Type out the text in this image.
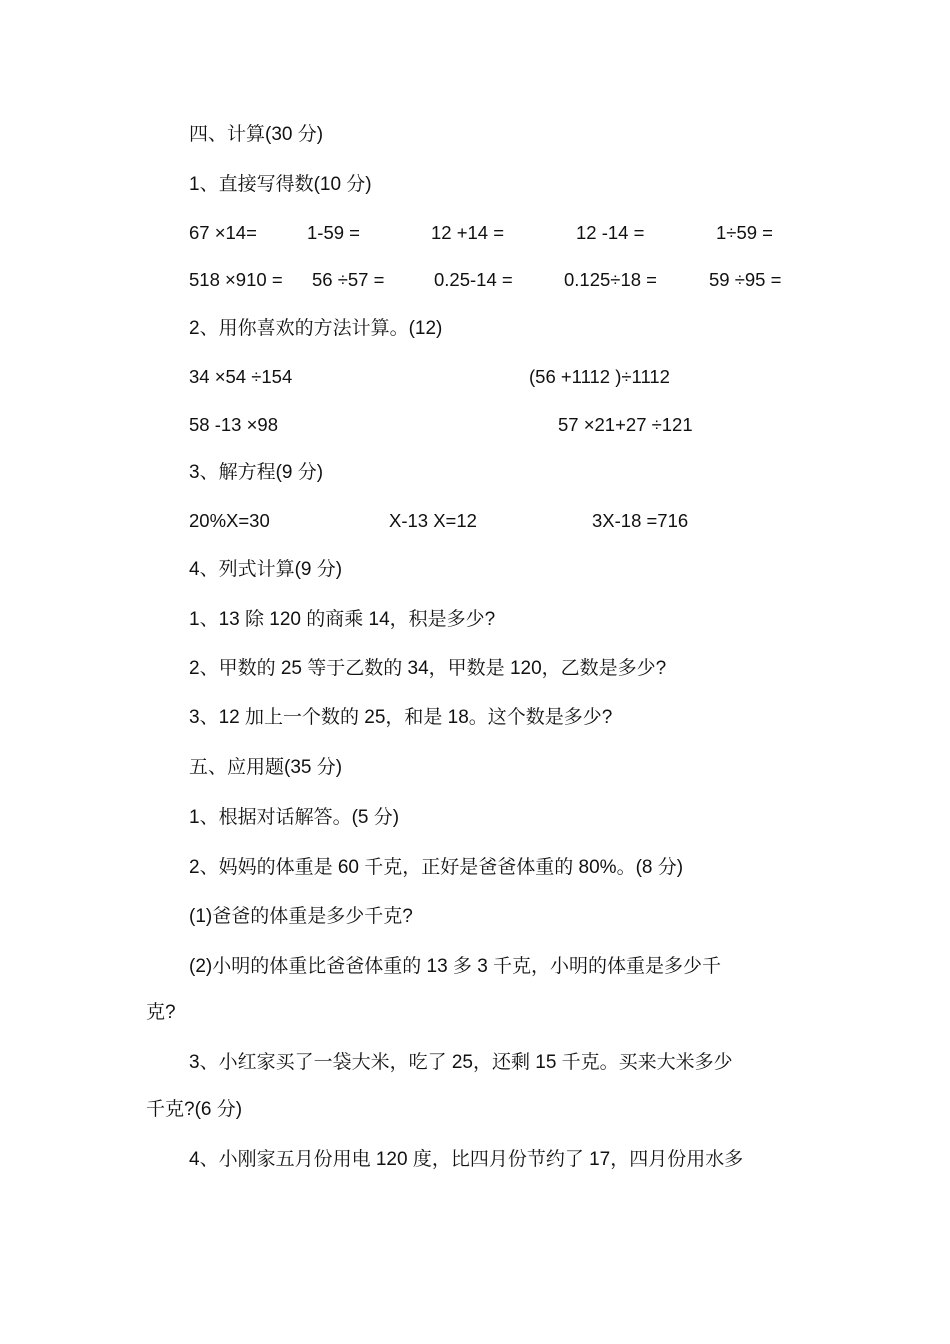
四、计算(30 分)
1、直接写得数(10 分)
67 ×14=	1-59 =	12 +14 =	12 -14 =	1÷59 =
518 ×910 = 56 ÷57 =	0.25-14 =	0.125÷18 =	59 ÷95 =
2、用你喜欢的方法计算。(12)
34 ×54 ÷154	(56 +1112 )÷1112
58 -13 ×98	57 ×21+27 ÷121
3、解方程(9 分)
20%X=30	X-13 X=12	3X-18 =716
4、列式计算(9 分)
1、13 除 120 的商乘 14，积是多少?
2、甲数的 25 等于乙数的 34，甲数是 120，乙数是多少?
3、12 加上一个数的 25，和是 18。这个数是多少?
五、应用题(35 分)
1、根据对话解答。(5 分)
2、妈妈的体重是 60 千克，正好是爸爸体重的 80%。(8 分)
(1)爸爸的体重是多少千克?
(2)小明的体重比爸爸体重的 13 多 3 千克，小明的体重是多少千
克?
3、小红家买了一袋大米，吃了 25，还剩 15 千克。买来大米多少
千克?(6 分)
4、小刚家五月份用电 120 度，比四月份节约了 17，四月份用水多
